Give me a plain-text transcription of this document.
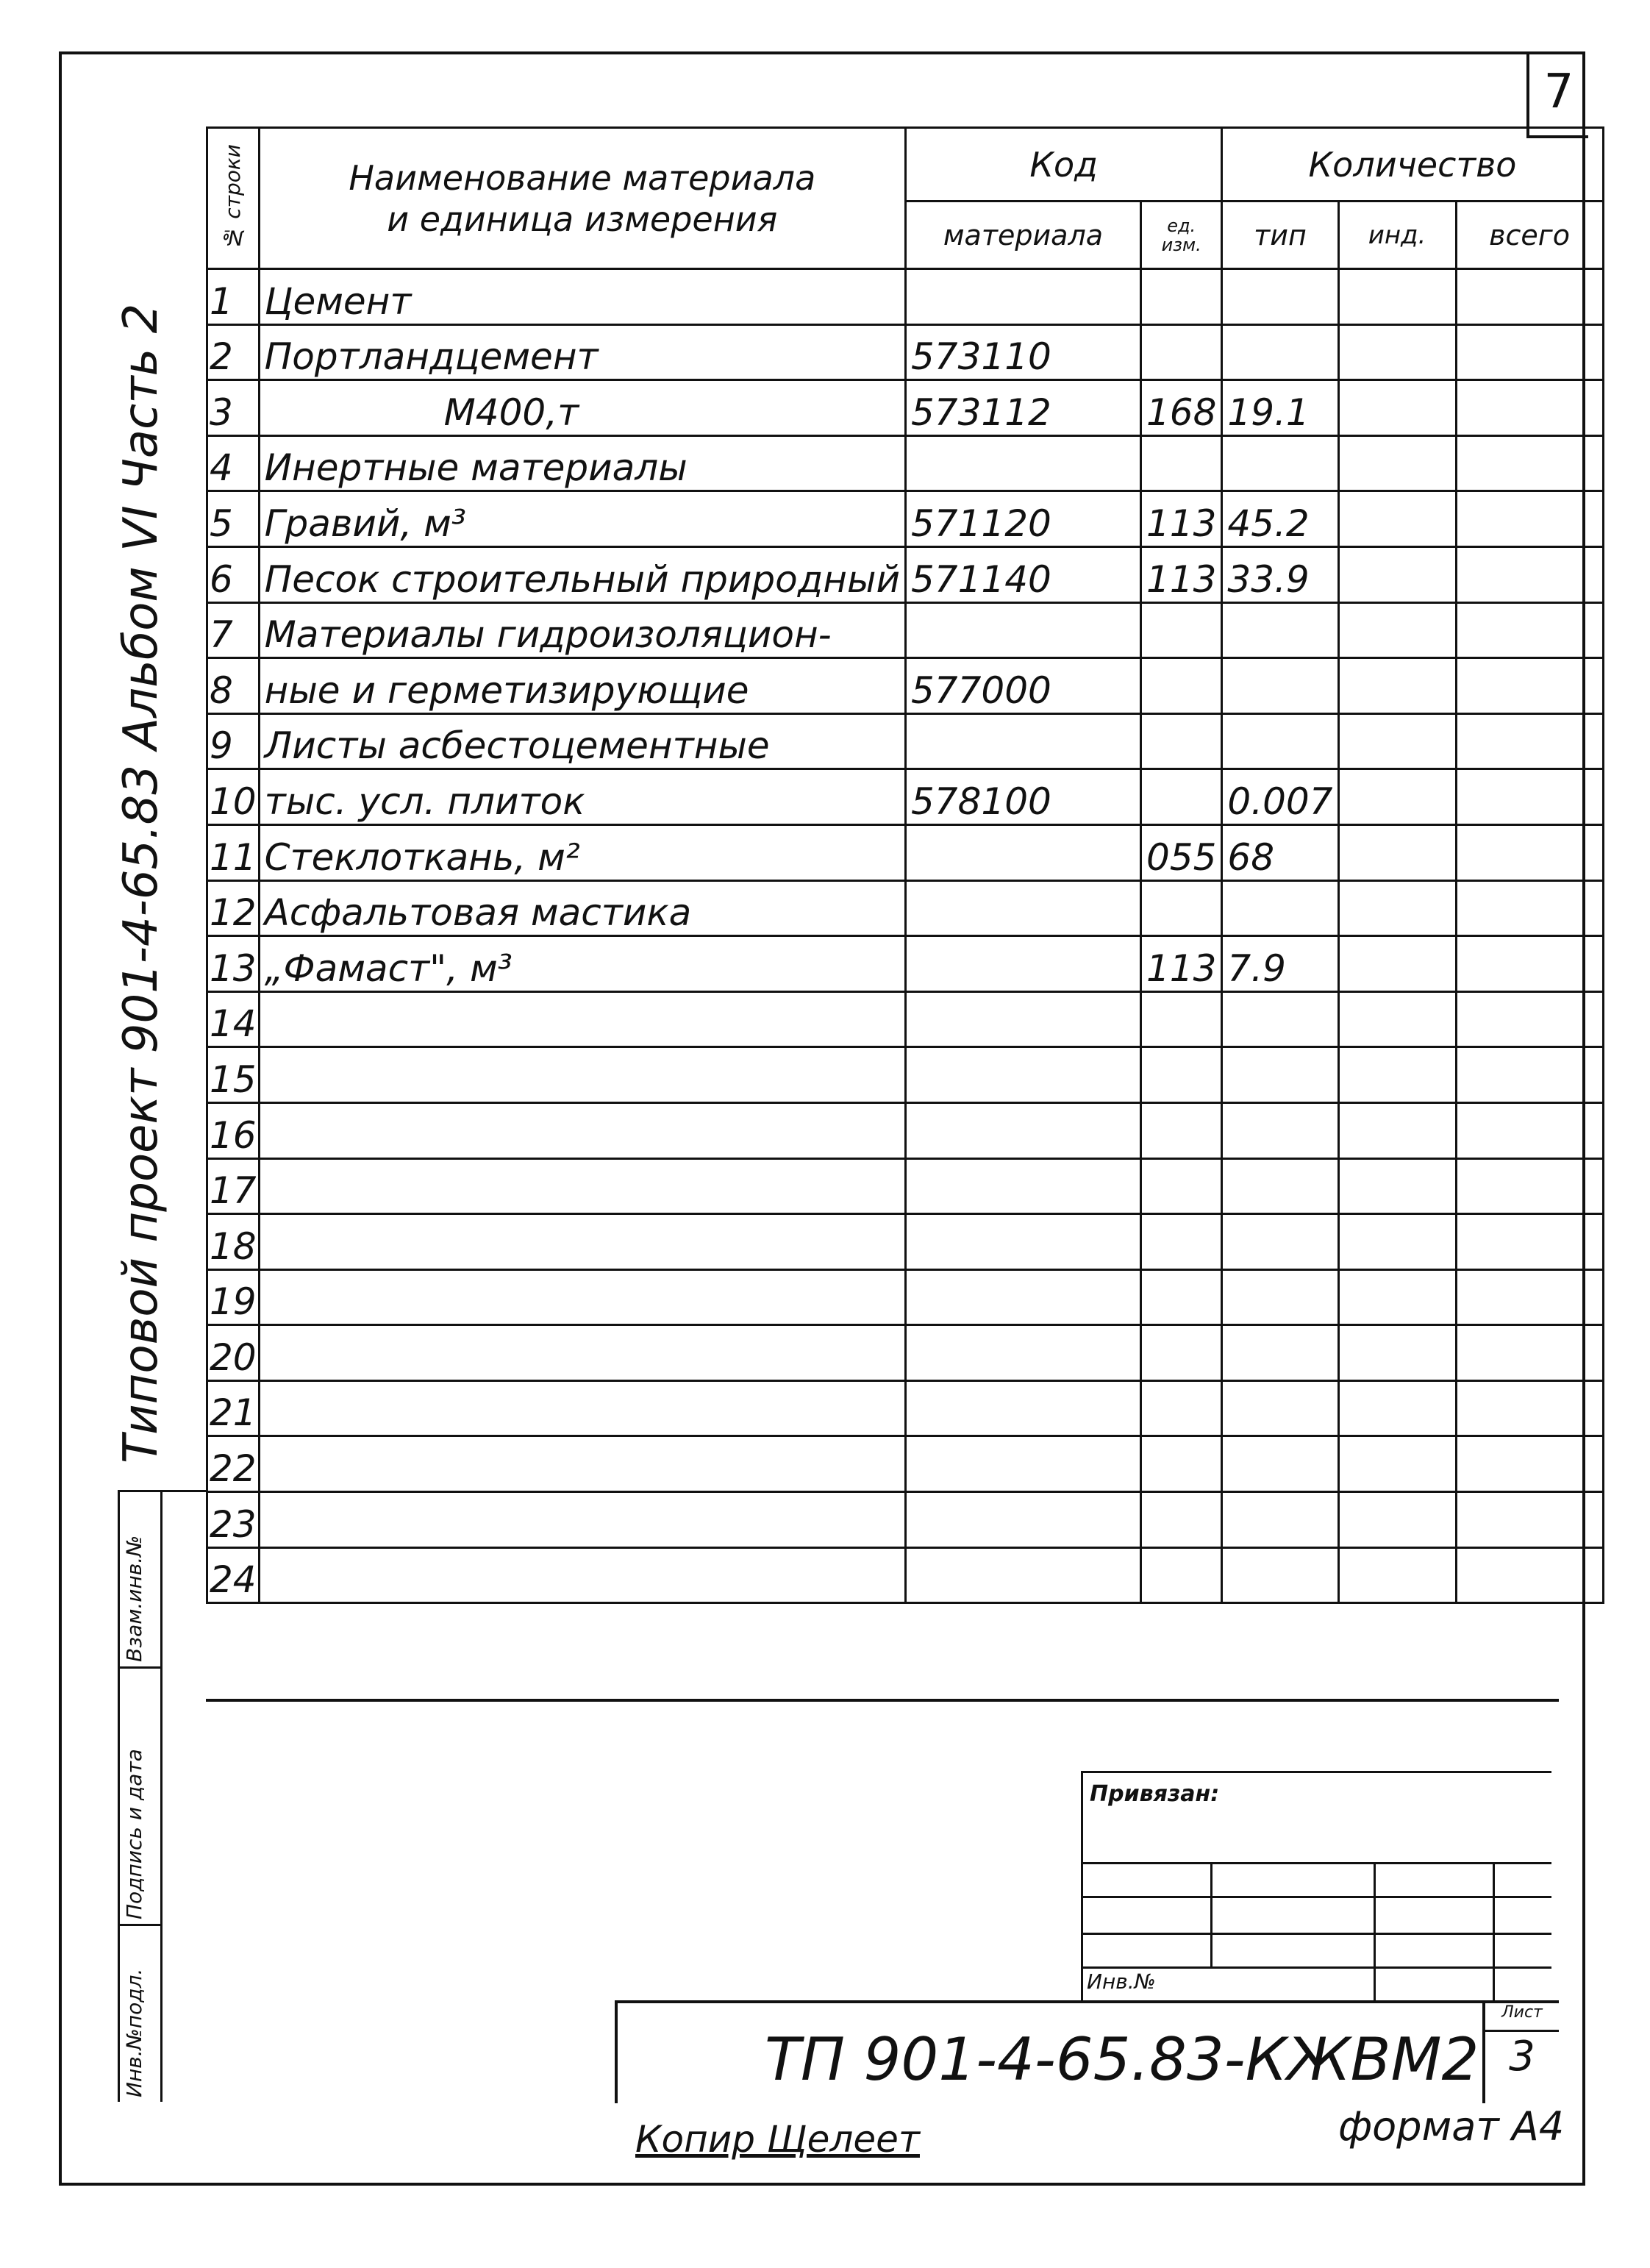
7
Типовой проект 901-4-65.83 Альбом VI Часть 2
Инв.№подл.
Подпись и дата
Взам.инв.№
№ строки	Наименование материала
и единица измерения	Код		Количество		
		материала	ед. изм.	тип	инд.	всего
1	Цемент					
2	Портландцемент	573110				
3	М400,т	573112	168	19.1		
4	Инертные материалы					
5	Гравий, м³	571120	113	45.2		
6	Песок строительный природный	571140	113	33.9		
7	Материалы гидроизоляцион-					
8	ные и герметизирующие	577000				
9	Листы асбестоцементные					
10	тыс. усл. плиток	578100		0.007		
11	Стеклоткань, м²		055	68		
12	Асфальтовая мастика					
13	„Фамаст", м³		113	7.9		
14						
15						
16						
17						
18						
19						
20						
21						
22						
23						
24						
Привязан:
Инв.№
ТП 901-4-65.83-КЖВМ2
Лист
3
Копир Щелеет	формат А4
